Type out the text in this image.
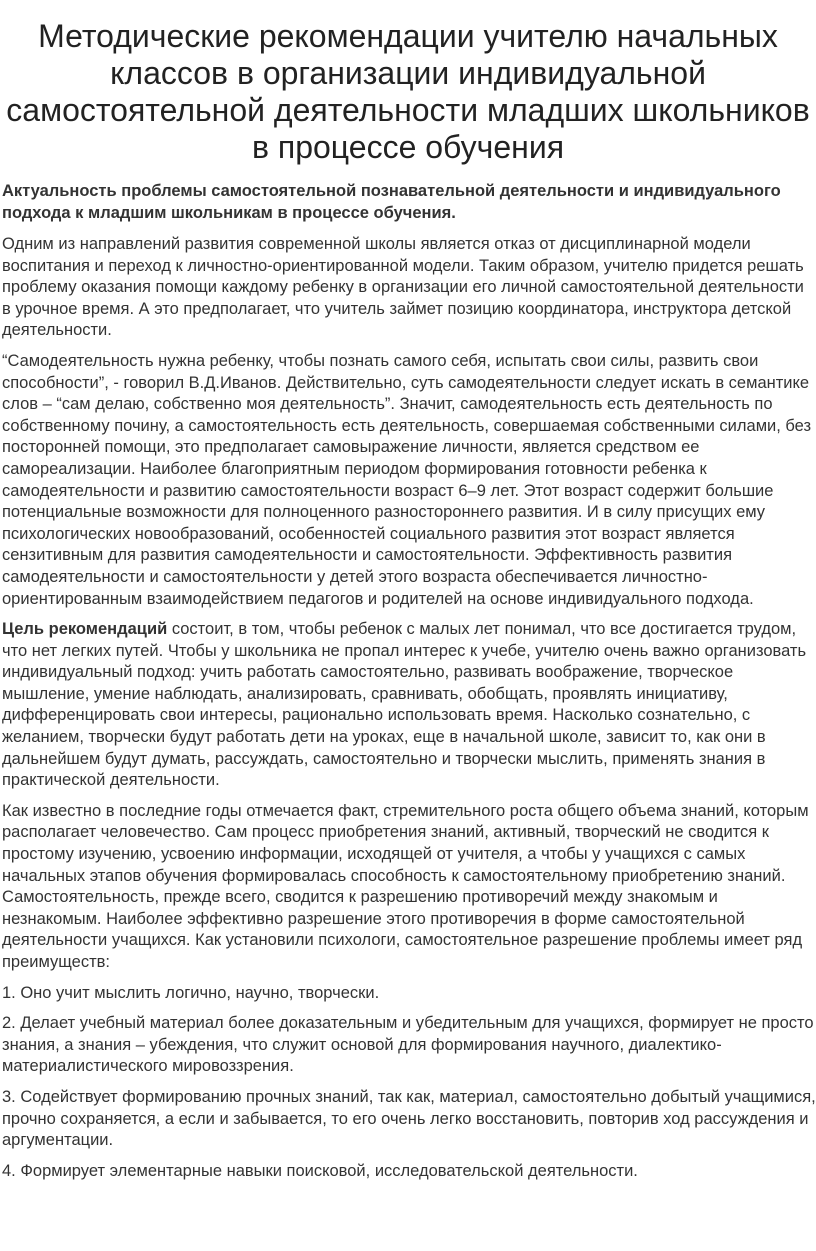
Методические рекомендации учителю начальных классов в организации индивидуальной самостоятельной деятельности младших школьников в процессе обучения
Актуальность проблемы самостоятельной познавательной деятельности и индивидуального подхода к младшим школьникам в процессе обучения.

Одним из направлений развития современной школы является отказ от дисциплинарной модели воспитания и переход к личностно-ориентированной модели. Таким образом, учителю придется решать проблему оказания помощи каждому ребенку в организации его личной самостоятельной деятельности в урочное время. А это предполагает, что учитель займет позицию координатора, инструктора детской деятельности.

“Самодеятельность нужна ребенку, чтобы познать самого себя, испытать свои силы, развить свои способности”, - говорил В.Д.Иванов. Действительно, суть самодеятельности следует искать в семантике слов – “сам делаю, собственно моя деятельность”. Значит, самодеятельность есть деятельность по собственному почину, а самостоятельность есть деятельность, совершаемая собственными силами, без посторонней помощи, это предполагает самовыражение личности, является средством ее самореализации. Наиболее благоприятным периодом формирования готовности ребенка к самодеятельности и развитию самостоятельности возраст 6–9 лет. Этот возраст содержит большие потенциальные возможности для полноценного разностороннего развития. И в силу присущих ему психологических новообразований, особенностей социального развития этот возраст является сензитивным для развития самодеятельности и самостоятельности. Эффективность развития самодеятельности и самостоятельности у детей этого возраста обеспечивается личностно-ориентированным взаимодействием педагогов и родителей на основе индивидуального подхода.

Цель рекомендаций состоит, в том, чтобы ребенок с малых лет понимал, что все достигается трудом, что нет легких путей. Чтобы у школьника не пропал интерес к учебе, учителю очень важно организовать индивидуальный подход: учить работать самостоятельно, развивать воображение, творческое мышление, умение наблюдать, анализировать, сравнивать, обобщать, проявлять инициативу, дифференцировать свои интересы, рационально использовать время. Насколько сознательно, с желанием, творчески будут работать дети на уроках, еще в начальной школе, зависит то, как они в дальнейшем будут думать, рассуждать, самостоятельно и творчески мыслить, применять знания в практической деятельности.

Как известно в последние годы отмечается факт, стремительного роста общего объема знаний, которым располагает человечество. Сам процесс приобретения знаний, активный, творческий не сводится к простому изучению, усвоению информации, исходящей от учителя, а чтобы у учащихся с самых начальных этапов обучения формировалась способность к самостоятельному приобретению знаний. Самостоятельность, прежде всего, сводится к разрешению противоречий между знакомым и незнакомым. Наиболее эффективно разрешение этого противоречия в форме самостоятельной деятельности учащихся. Как установили психологи, самостоятельное разрешение проблемы имеет ряд преимуществ:

1. Оно учит мыслить логично, научно, творчески.

2. Делает учебный материал более доказательным и убедительным для учащихся, формирует не просто знания, а знания – убеждения, что служит основой для формирования научного, диалектико-материалистического мировоззрения.

3. Содействует формированию прочных знаний, так как, материал, самостоятельно добытый учащимися, прочно сохраняется, а если и забывается, то его очень легко восстановить, повторив ход рассуждения и аргументации.

4. Формирует элементарные навыки поисковой, исследовательской деятельности.
